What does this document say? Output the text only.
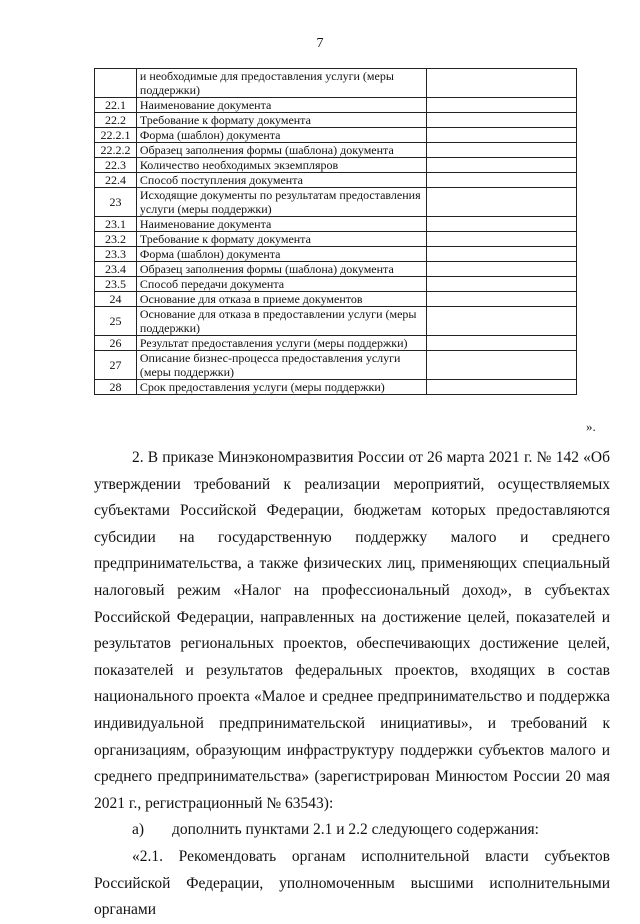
7
	и необходимые для предоставления услуги (меры поддержки)	
22.1	Наименование документа	
22.2	Требование к формату документа	
22.2.1	Форма (шаблон) документа	
22.2.2	Образец заполнения формы (шаблона) документа	
22.3	Количество необходимых экземпляров	
22.4	Способ поступления документа	
23	Исходящие документы по результатам предоставления услуги (меры поддержки)	
23.1	Наименование документа	
23.2	Требование к формату документа	
23.3	Форма (шаблон) документа	
23.4	Образец заполнения формы (шаблона) документа	
23.5	Способ передачи документа	
24	Основание для отказа в приеме документов	
25	Основание для отказа в предоставлении услуги (меры поддержки)	
26	Результат предоставления услуги (меры поддержки)	
27	Описание бизнес-процесса предоставления услуги (меры поддержки)	
28	Срок предоставления услуги (меры поддержки)	
».

2. В приказе Минэкономразвития России от 26 марта 2021 г. № 142 «Об утверждении требований к реализации мероприятий, осуществляемых субъектами Российской Федерации, бюджетам которых предоставляются субсидии на государственную поддержку малого и среднего предпринимательства, а также физических лиц, применяющих специальный налоговый режим «Налог на профессиональный доход», в субъектах Российской Федерации, направленных на достижение целей, показателей и результатов региональных проектов, обеспечивающих достижение целей, показателей и результатов федеральных проектов, входящих в состав национального проекта «Малое и среднее предпринимательство и поддержка индивидуальной предпринимательской инициативы», и требований к организациям, образующим инфраструктуру поддержки субъектов малого и среднего предпринимательства» (зарегистрирован Минюстом России 20 мая 2021 г., регистрационный № 63543):

а) дополнить пунктами 2.1 и 2.2 следующего содержания:

«2.1. Рекомендовать органам исполнительной власти субъектов Российской Федерации, уполномоченным высшими исполнительными органами
